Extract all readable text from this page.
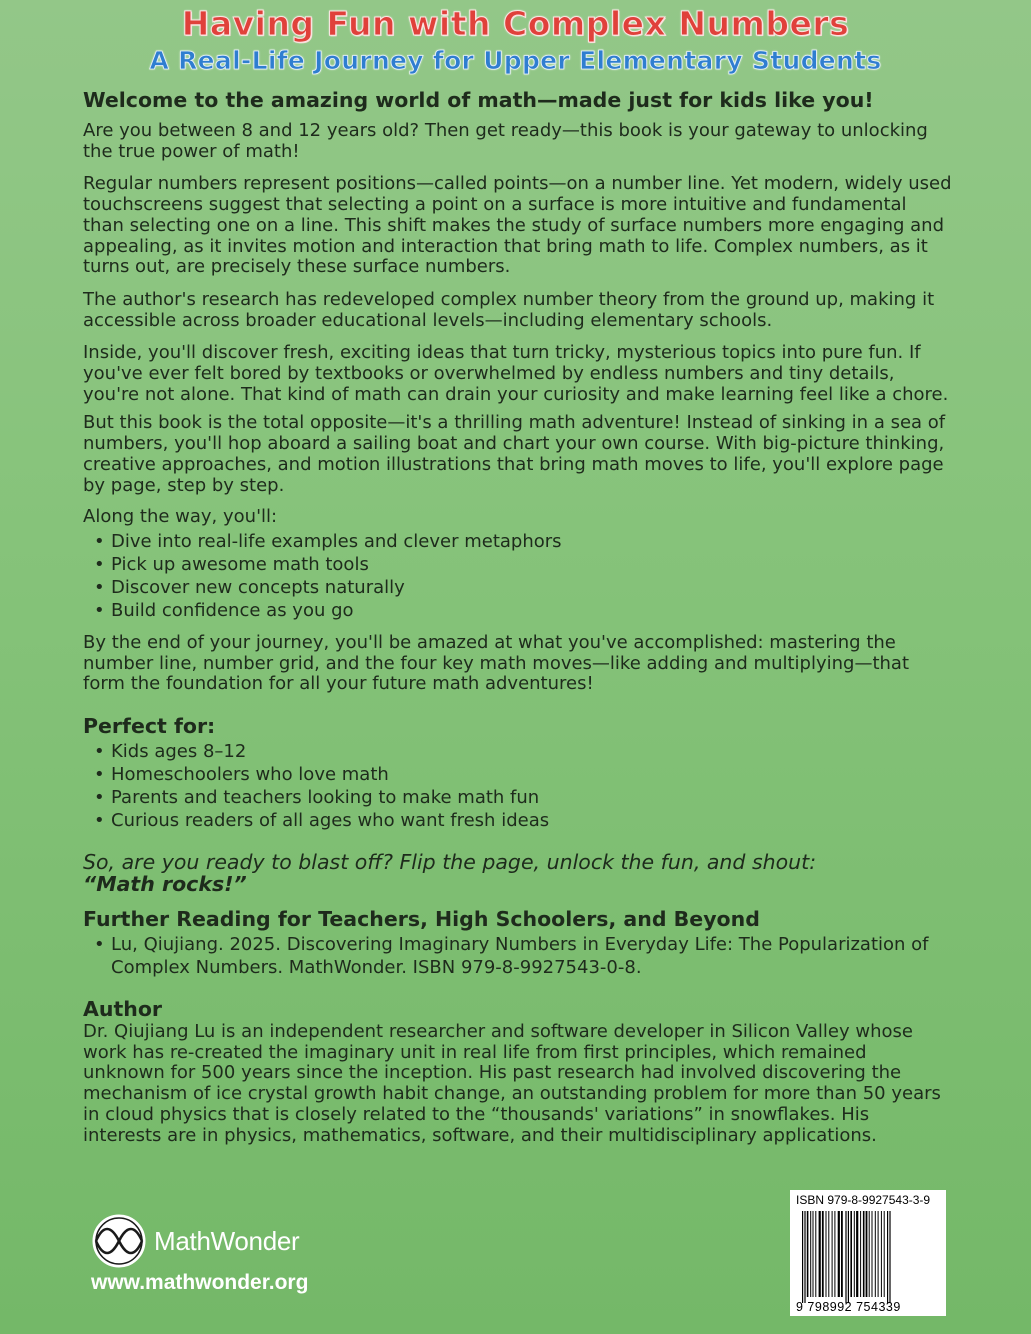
Having Fun with Complex Numbers
A Real-Life Journey for Upper Elementary Students

Welcome to the amazing world of math—made just for kids like you!

Are you between 8 and 12 years old? Then get ready—this book is your gateway to unlocking the true power of math!

Regular numbers represent positions—called points—on a number line. Yet modern, widely used touchscreens suggest that selecting a point on a surface is more intuitive and fundamental than selecting one on a line. This shift makes the study of surface numbers more engaging and appealing, as it invites motion and interaction that bring math to life. Complex numbers, as it turns out, are precisely these surface numbers.

The author's research has redeveloped complex number theory from the ground up, making it accessible across broader educational levels—including elementary schools.

Inside, you'll discover fresh, exciting ideas that turn tricky, mysterious topics into pure fun. If you've ever felt bored by textbooks or overwhelmed by endless numbers and tiny details, you're not alone. That kind of math can drain your curiosity and make learning feel like a chore.

But this book is the total opposite—it's a thrilling math adventure! Instead of sinking in a sea of numbers, you'll hop aboard a sailing boat and chart your own course. With big-picture thinking, creative approaches, and motion illustrations that bring math moves to life, you'll explore page by page, step by step.

Along the way, you'll:

• Dive into real-life examples and clever metaphors
• Pick up awesome math tools
• Discover new concepts naturally
• Build confidence as you go

By the end of your journey, you'll be amazed at what you've accomplished: mastering the number line, number grid, and the four key math moves—like adding and multiplying—that form the foundation for all your future math adventures!

Perfect for:
• Kids ages 8–12
• Homeschoolers who love math
• Parents and teachers looking to make math fun
• Curious readers of all ages who want fresh ideas

So, are you ready to blast off? Flip the page, unlock the fun, and shout:
“Math rocks!”

Further Reading for Teachers, High Schoolers, and Beyond
• Lu, Qiujiang. 2025. Discovering Imaginary Numbers in Everyday Life: The Popularization of Complex Numbers. MathWonder. ISBN 979-8-9927543-0-8.
Author

Dr. Qiujiang Lu is an independent researcher and software developer in Silicon Valley whose work has re-created the imaginary unit in real life from first principles, which remained unknown for 500 years since the inception. His past research had involved discovering the mechanism of ice crystal growth habit change, an outstanding problem for more than 50 years in cloud physics that is closely related to the “thousands' variations” in snowflakes. His interests are in physics, mathematics, software, and their multidisciplinary applications.

MathWonder
www.mathwonder.org
ISBN 979-8-9927543-3-9
9 798992 754339
